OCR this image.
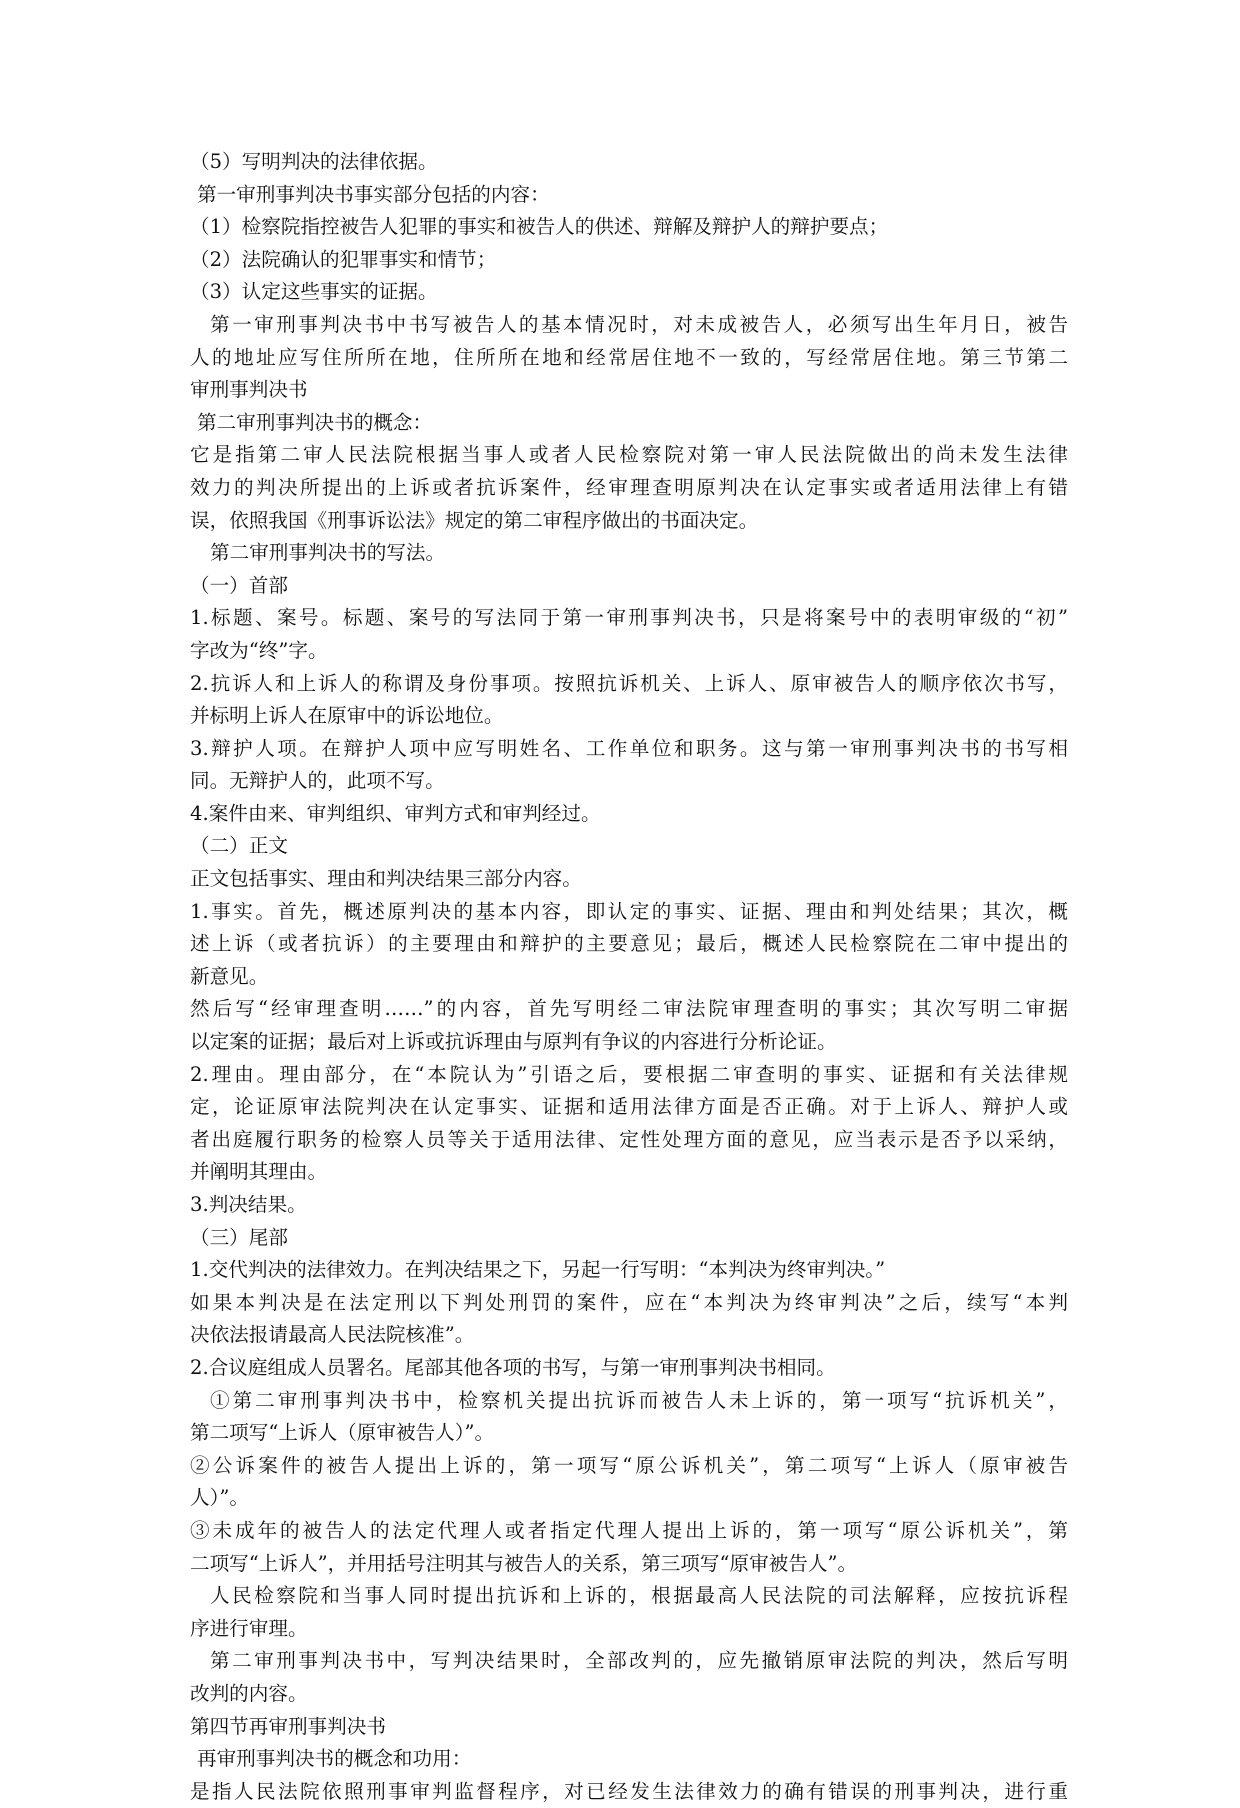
（5）写明判决的法律依据。
第一审刑事判决书事实部分包括的内容：
（1）检察院指控被告人犯罪的事实和被告人的供述、辩解及辩护人的辩护要点；
（2）法院确认的犯罪事实和情节；
（3）认定这些事实的证据。
第一审刑事判决书中书写被告人的基本情况时，对未成被告人，必须写出生年月日，被告
人的地址应写住所所在地，住所所在地和经常居住地不一致的，写经常居住地。第三节第二
审刑事判决书
第二审刑事判决书的概念：
它是指第二审人民法院根据当事人或者人民检察院对第一审人民法院做出的尚未发生法律
效力的判决所提出的上诉或者抗诉案件，经审理查明原判决在认定事实或者适用法律上有错
误，依照我国《刑事诉讼法》规定的第二审程序做出的书面决定。
第二审刑事判决书的写法。
（一）首部
1.标题、案号。标题、案号的写法同于第一审刑事判决书，只是将案号中的表明审级的“初”
字改为“终”字。
2.抗诉人和上诉人的称谓及身份事项。按照抗诉机关、上诉人、原审被告人的顺序依次书写，
并标明上诉人在原审中的诉讼地位。
3.辩护人项。在辩护人项中应写明姓名、工作单位和职务。这与第一审刑事判决书的书写相
同。无辩护人的，此项不写。
4.案件由来、审判组织、审判方式和审判经过。
（二）正文
正文包括事实、理由和判决结果三部分内容。
1.事实。首先，概述原判决的基本内容，即认定的事实、证据、理由和判处结果；其次，概
述上诉（或者抗诉）的主要理由和辩护的主要意见；最后，概述人民检察院在二审中提出的
新意见。
然后写“经审理查明……”的内容，首先写明经二审法院审理查明的事实；其次写明二审据
以定案的证据；最后对上诉或抗诉理由与原判有争议的内容进行分析论证。
2.理由。理由部分，在“本院认为”引语之后，要根据二审查明的事实、证据和有关法律规
定，论证原审法院判决在认定事实、证据和适用法律方面是否正确。对于上诉人、辩护人或
者出庭履行职务的检察人员等关于适用法律、定性处理方面的意见，应当表示是否予以采纳，
并阐明其理由。
3.判决结果。
（三）尾部
1.交代判决的法律效力。在判决结果之下，另起一行写明：“本判决为终审判决。”
如果本判决是在法定刑以下判处刑罚的案件，应在“本判决为终审判决”之后，续写“本判
决依法报请最高人民法院核准”。
2.合议庭组成人员署名。尾部其他各项的书写，与第一审刑事判决书相同。
①第二审刑事判决书中，检察机关提出抗诉而被告人未上诉的，第一项写“抗诉机关”，
第二项写“上诉人（原审被告人）”。
②公诉案件的被告人提出上诉的，第一项写“原公诉机关”，第二项写“上诉人（原审被告
人）”。
③未成年的被告人的法定代理人或者指定代理人提出上诉的，第一项写“原公诉机关”，第
二项写“上诉人”，并用括号注明其与被告人的关系，第三项写“原审被告人”。
人民检察院和当事人同时提出抗诉和上诉的，根据最高人民法院的司法解释，应按抗诉程
序进行审理。
第二审刑事判决书中，写判决结果时，全部改判的，应先撤销原审法院的判决，然后写明
改判的内容。
第四节再审刑事判决书
再审刑事判决书的概念和功用：
是指人民法院依照刑事审判监督程序，对已经发生法律效力的确有错误的刑事判决，进行重
